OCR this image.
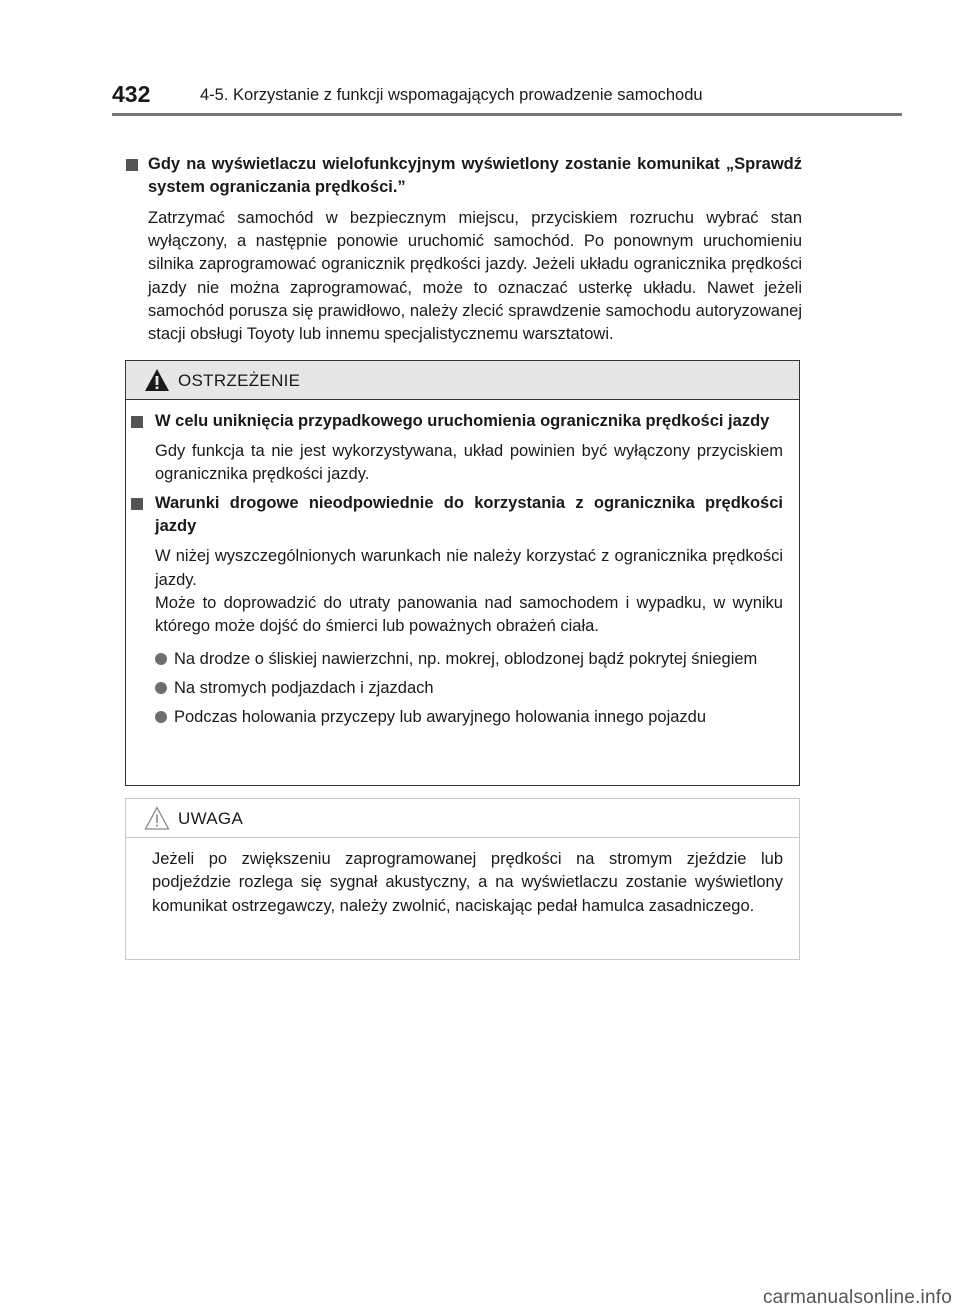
432	4-5. Korzystanie z funkcji wspomagających prowadzenie samochodu
Gdy na wyświetlaczu wielofunkcyjnym wyświetlony zostanie komunikat „Sprawdź system ograniczania prędkości.”
Zatrzymać samochód w bezpiecznym miejscu, przyciskiem rozruchu wybrać stan wyłączony, a następnie ponowie uruchomić samochód. Po ponownym uruchomieniu silnika zaprogramować ogranicznik prędkości jazdy. Jeżeli układu ogranicznika prędkości jazdy nie można zaprogramować, może to oznaczać usterkę układu. Nawet jeżeli samochód porusza się prawidłowo, należy zlecić sprawdzenie samochodu autoryzowanej stacji obsługi Toyoty lub innemu specjalistycznemu warsztatowi.
OSTRZEŻENIE
W celu uniknięcia przypadkowego uruchomienia ogranicznika prędkości jazdy
Gdy funkcja ta nie jest wykorzystywana, układ powinien być wyłączony przyciskiem ogranicznika prędkości jazdy.
Warunki drogowe nieodpowiednie do korzystania z ogranicznika prędkości jazdy
W niżej wyszczególnionych warunkach nie należy korzystać z ogranicznika prędkości jazdy.
Może to doprowadzić do utraty panowania nad samochodem i wypadku, w wyniku którego może dojść do śmierci lub poważnych obrażeń ciała.
Na drodze o śliskiej nawierzchni, np. mokrej, oblodzonej bądź pokrytej śniegiem
Na stromych podjazdach i zjazdach
Podczas holowania przyczepy lub awaryjnego holowania innego pojazdu
UWAGA
Jeżeli po zwiększeniu zaprogramowanej prędkości na stromym zjeździe lub podjeździe rozlega się sygnał akustyczny, a na wyświetlaczu zostanie wyświetlony komunikat ostrzegawczy, należy zwolnić, naciskając pedał hamulca zasadniczego.
carmanualsonline.info
